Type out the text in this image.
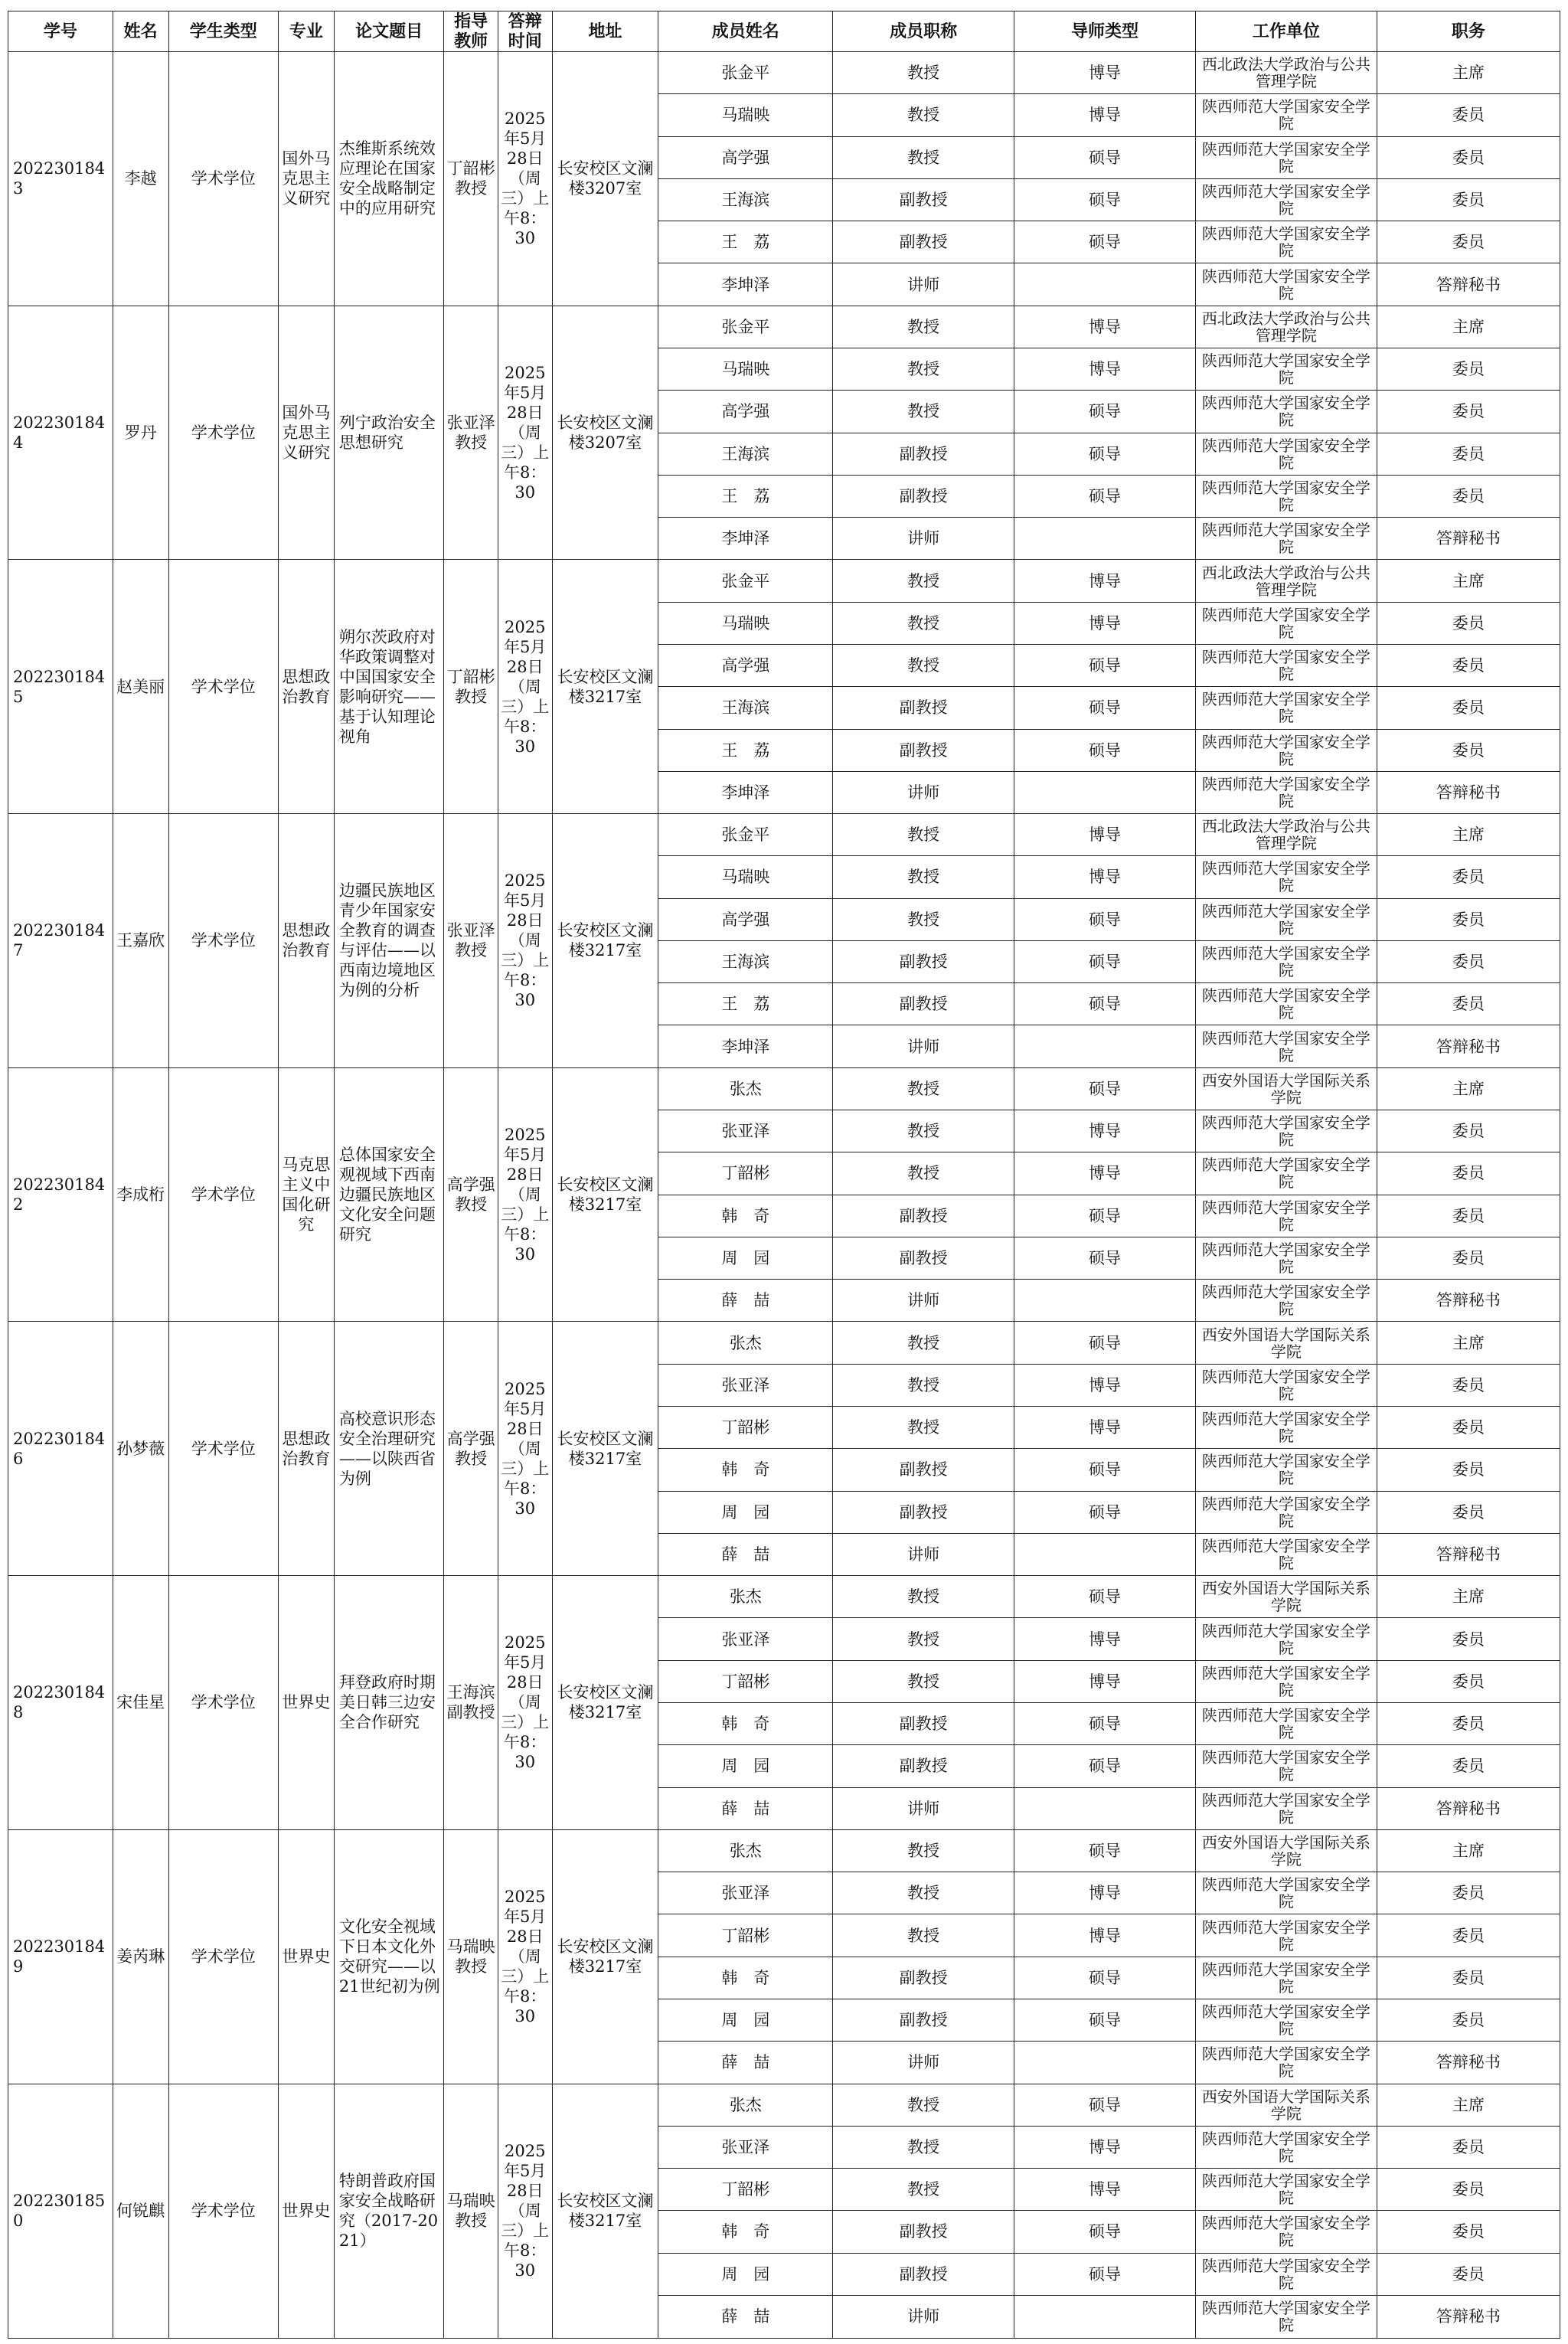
学号	姓名	学生类型	专业	论文题目	指导教师	答辩时间	地址	成员姓名	成员职称	导师类型	工作单位	职务
2022301843	李越	学术学位	国外马克思主义研究	杰维斯系统效应理论在国家安全战略制定中的应用研究	丁韶彬教授	2025年5月28日（周三）上午8：30	长安校区文澜楼3207室	张金平	教授	博导	西北政法大学政治与公共管理学院	主席
								马瑞映	教授	博导	陕西师范大学国家安全学院	委员
								高学强	教授	硕导	陕西师范大学国家安全学院	委员
								王海滨	副教授	硕导	陕西师范大学国家安全学院	委员
								王　荔	副教授	硕导	陕西师范大学国家安全学院	委员
								李坤泽	讲师		陕西师范大学国家安全学院	答辩秘书
2022301844	罗丹	学术学位	国外马克思主义研究	列宁政治安全思想研究	张亚泽教授	2025年5月28日（周三）上午8：30	长安校区文澜楼3207室	张金平	教授	博导	西北政法大学政治与公共管理学院	主席
								马瑞映	教授	博导	陕西师范大学国家安全学院	委员
								高学强	教授	硕导	陕西师范大学国家安全学院	委员
								王海滨	副教授	硕导	陕西师范大学国家安全学院	委员
								王　荔	副教授	硕导	陕西师范大学国家安全学院	委员
								李坤泽	讲师		陕西师范大学国家安全学院	答辩秘书
2022301845	赵美丽	学术学位	思想政治教育	朔尔茨政府对华政策调整对中国国家安全影响研究——基于认知理论视角	丁韶彬教授	2025年5月28日（周三）上午8：30	长安校区文澜楼3217室	张金平	教授	博导	西北政法大学政治与公共管理学院	主席
								马瑞映	教授	博导	陕西师范大学国家安全学院	委员
								高学强	教授	硕导	陕西师范大学国家安全学院	委员
								王海滨	副教授	硕导	陕西师范大学国家安全学院	委员
								王　荔	副教授	硕导	陕西师范大学国家安全学院	委员
								李坤泽	讲师		陕西师范大学国家安全学院	答辩秘书
2022301847	王嘉欣	学术学位	思想政治教育	边疆民族地区青少年国家安全教育的调查与评估——以西南边境地区为例的分析	张亚泽教授	2025年5月28日（周三）上午8：30	长安校区文澜楼3217室	张金平	教授	博导	西北政法大学政治与公共管理学院	主席
								马瑞映	教授	博导	陕西师范大学国家安全学院	委员
								高学强	教授	硕导	陕西师范大学国家安全学院	委员
								王海滨	副教授	硕导	陕西师范大学国家安全学院	委员
								王　荔	副教授	硕导	陕西师范大学国家安全学院	委员
								李坤泽	讲师		陕西师范大学国家安全学院	答辩秘书
2022301842	李成桁	学术学位	马克思主义中国化研究	总体国家安全观视域下西南边疆民族地区文化安全问题研究	高学强教授	2025年5月28日（周三）上午8：30	长安校区文澜楼3217室	张杰	教授	硕导	西安外国语大学国际关系学院	主席
								张亚泽	教授	博导	陕西师范大学国家安全学院	委员
								丁韶彬	教授	博导	陕西师范大学国家安全学院	委员
								韩　奇	副教授	硕导	陕西师范大学国家安全学院	委员
								周　园	副教授	硕导	陕西师范大学国家安全学院	委员
								薛　喆	讲师		陕西师范大学国家安全学院	答辩秘书
2022301846	孙梦薇	学术学位	思想政治教育	高校意识形态安全治理研究——以陕西省为例	高学强教授	2025年5月28日（周三）上午8：30	长安校区文澜楼3217室	张杰	教授	硕导	西安外国语大学国际关系学院	主席
								张亚泽	教授	博导	陕西师范大学国家安全学院	委员
								丁韶彬	教授	博导	陕西师范大学国家安全学院	委员
								韩　奇	副教授	硕导	陕西师范大学国家安全学院	委员
								周　园	副教授	硕导	陕西师范大学国家安全学院	委员
								薛　喆	讲师		陕西师范大学国家安全学院	答辩秘书
2022301848	宋佳星	学术学位	世界史	拜登政府时期美日韩三边安全合作研究	王海滨副教授	2025年5月28日（周三）上午8：30	长安校区文澜楼3217室	张杰	教授	硕导	西安外国语大学国际关系学院	主席
								张亚泽	教授	博导	陕西师范大学国家安全学院	委员
								丁韶彬	教授	博导	陕西师范大学国家安全学院	委员
								韩　奇	副教授	硕导	陕西师范大学国家安全学院	委员
								周　园	副教授	硕导	陕西师范大学国家安全学院	委员
								薛　喆	讲师		陕西师范大学国家安全学院	答辩秘书
2022301849	姜芮琳	学术学位	世界史	文化安全视域下日本文化外交研究——以21世纪初为例	马瑞映教授	2025年5月28日（周三）上午8：30	长安校区文澜楼3217室	张杰	教授	硕导	西安外国语大学国际关系学院	主席
								张亚泽	教授	博导	陕西师范大学国家安全学院	委员
								丁韶彬	教授	博导	陕西师范大学国家安全学院	委员
								韩　奇	副教授	硕导	陕西师范大学国家安全学院	委员
								周　园	副教授	硕导	陕西师范大学国家安全学院	委员
								薛　喆	讲师		陕西师范大学国家安全学院	答辩秘书
2022301850	何锐麒	学术学位	世界史	特朗普政府国家安全战略研究（2017-2021）	马瑞映教授	2025年5月28日（周三）上午8：30	长安校区文澜楼3217室	张杰	教授	硕导	西安外国语大学国际关系学院	主席
								张亚泽	教授	博导	陕西师范大学国家安全学院	委员
								丁韶彬	教授	博导	陕西师范大学国家安全学院	委员
								韩　奇	副教授	硕导	陕西师范大学国家安全学院	委员
								周　园	副教授	硕导	陕西师范大学国家安全学院	委员
								薛　喆	讲师		陕西师范大学国家安全学院	答辩秘书
